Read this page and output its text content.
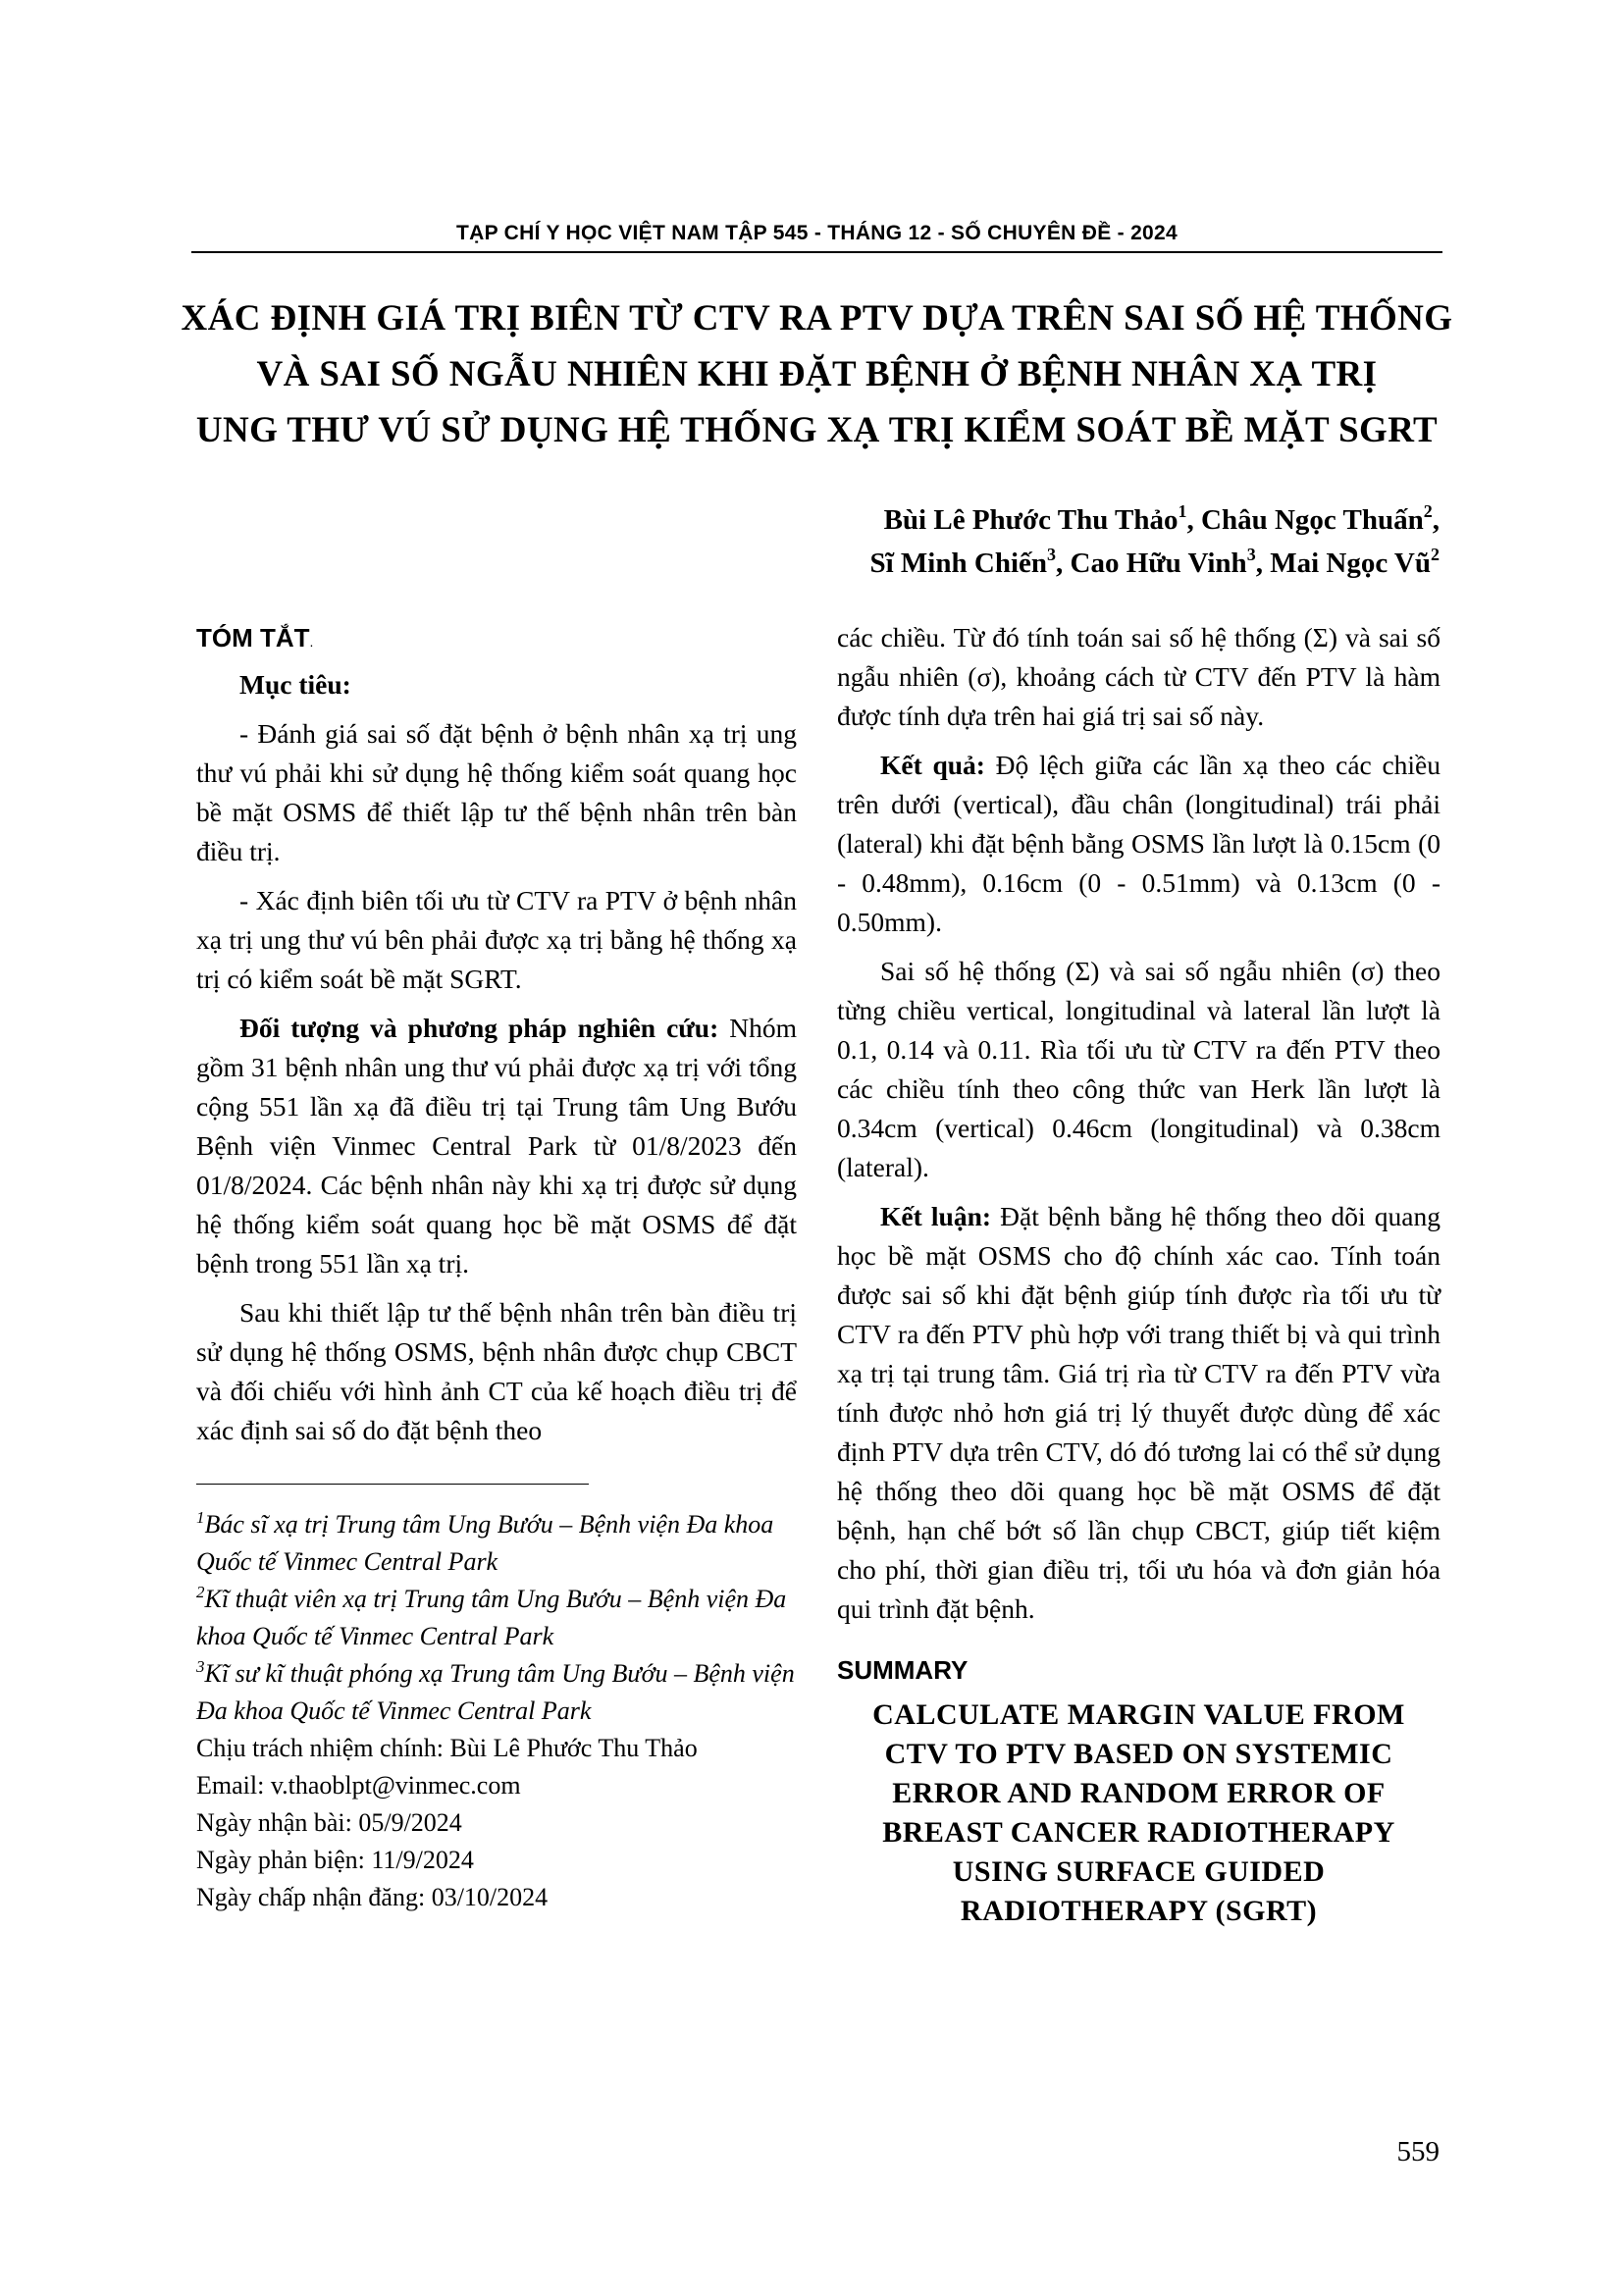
TẠP CHÍ Y HỌC VIỆT NAM TẬP 545 - THÁNG 12 - SỐ CHUYÊN ĐỀ - 2024
XÁC ĐỊNH GIÁ TRỊ BIÊN TỪ CTV RA PTV DỰA TRÊN SAI SỐ HỆ THỐNG
VÀ SAI SỐ NGẪU NHIÊN KHI ĐẶT BỆNH Ở BỆNH NHÂN XẠ TRỊ
UNG THƯ VÚ SỬ DỤNG HỆ THỐNG XẠ TRỊ KIỂM SOÁT BỀ MẶT SGRT
Bùi Lê Phước Thu Thảo$^1$, Châu Ngọc Thuấn$^2$,
Sĩ Minh Chiến$^3$, Cao Hữu Vinh$^3$, Mai Ngọc $Vũ^2$
TÓM TẮT.

Mục tiêu:

- Đánh giá sai số đặt bệnh ở bệnh nhân xạ trị ung thư vú phải khi sử dụng hệ thống kiểm soát quang học bề mặt OSMS để thiết lập tư thế bệnh nhân trên bàn điều trị.

- Xác định biên tối ưu từ CTV ra PTV ở bệnh nhân xạ trị ung thư vú bên phải được xạ trị bằng hệ thống xạ trị có kiểm soát bề mặt SGRT.

Đối tượng và phương pháp nghiên cứu: Nhóm gồm 31 bệnh nhân ung thư vú phải được xạ trị với tổng cộng 551 lần xạ đã điều trị tại Trung tâm Ung Bướu Bệnh viện Vinmec Central Park từ 01/8/2023 đến 01/8/2024. Các bệnh nhân này khi xạ trị được sử dụng hệ thống kiểm soát quang học bề mặt OSMS để đặt bệnh trong 551 lần xạ trị.

Sau khi thiết lập tư thế bệnh nhân trên bàn điều trị sử dụng hệ thống OSMS, bệnh nhân được chụp CBCT và đối chiếu với hình ảnh CT của kế hoạch điều trị để xác định sai số do đặt bệnh theo

$^1$Bác sĩ xạ trị Trung tâm Ung Bướu – Bệnh viện Đa khoa Quốc tế Vinmec Central Park
$^2$Kĩ thuật viên xạ trị Trung tâm Ung Bướu – Bệnh viện Đa khoa Quốc tế Vinmec Central Park
$^3$Kĩ sư kĩ thuật phóng xạ Trung tâm Ung Bướu – Bệnh viện Đa khoa Quốc tế Vinmec Central Park
Chịu trách nhiệm chính: Bùi Lê Phước Thu Thảo
Email: v.thaoblpt@vinmec.com
Ngày nhận bài: 05/9/2024
Ngày phản biện: 11/9/2024
Ngày chấp nhận đăng: 03/10/2024

các chiều. Từ đó tính toán sai số hệ thống (Σ) và sai số ngẫu nhiên (σ), khoảng cách từ CTV đến PTV là hàm được tính dựa trên hai giá trị sai số này.

Kết quả: Độ lệch giữa các lần xạ theo các chiều trên dưới (vertical), đầu chân (longitudinal) trái phải (lateral) khi đặt bệnh bằng OSMS lần lượt là 0.15cm (0 - 0.48mm), 0.16cm (0 - 0.51mm) và 0.13cm (0 - 0.50mm).

Sai số hệ thống (Σ) và sai số ngẫu nhiên (σ) theo từng chiều vertical, longitudinal và lateral lần lượt là 0.1, 0.14 và 0.11. Rìa tối ưu từ CTV ra đến PTV theo các chiều tính theo công thức van Herk lần lượt là 0.34cm (vertical) 0.46cm (longitudinal) và 0.38cm (lateral).

Kết luận: Đặt bệnh bằng hệ thống theo dõi quang học bề mặt OSMS cho độ chính xác cao. Tính toán được sai số khi đặt bệnh giúp tính được rìa tối ưu từ CTV ra đến PTV phù hợp với trang thiết bị và qui trình xạ trị tại trung tâm. Giá trị rìa từ CTV ra đến PTV vừa tính được nhỏ hơn giá trị lý thuyết được dùng để xác định PTV dựa trên CTV, dó đó tương lai có thể sử dụng hệ thống theo dõi quang học bề mặt OSMS để đặt bệnh, hạn chế bớt số lần chụp CBCT, giúp tiết kiệm cho phí, thời gian điều trị, tối ưu hóa và đơn giản hóa qui trình đặt bệnh.

SUMMARY
CALCULATE MARGIN VALUE FROM
CTV TO PTV BASED ON SYSTEMIC
ERROR AND RANDOM ERROR OF
BREAST CANCER RADIOTHERAPY
USING SURFACE GUIDED
RADIOTHERAPY (SGRT)
559
